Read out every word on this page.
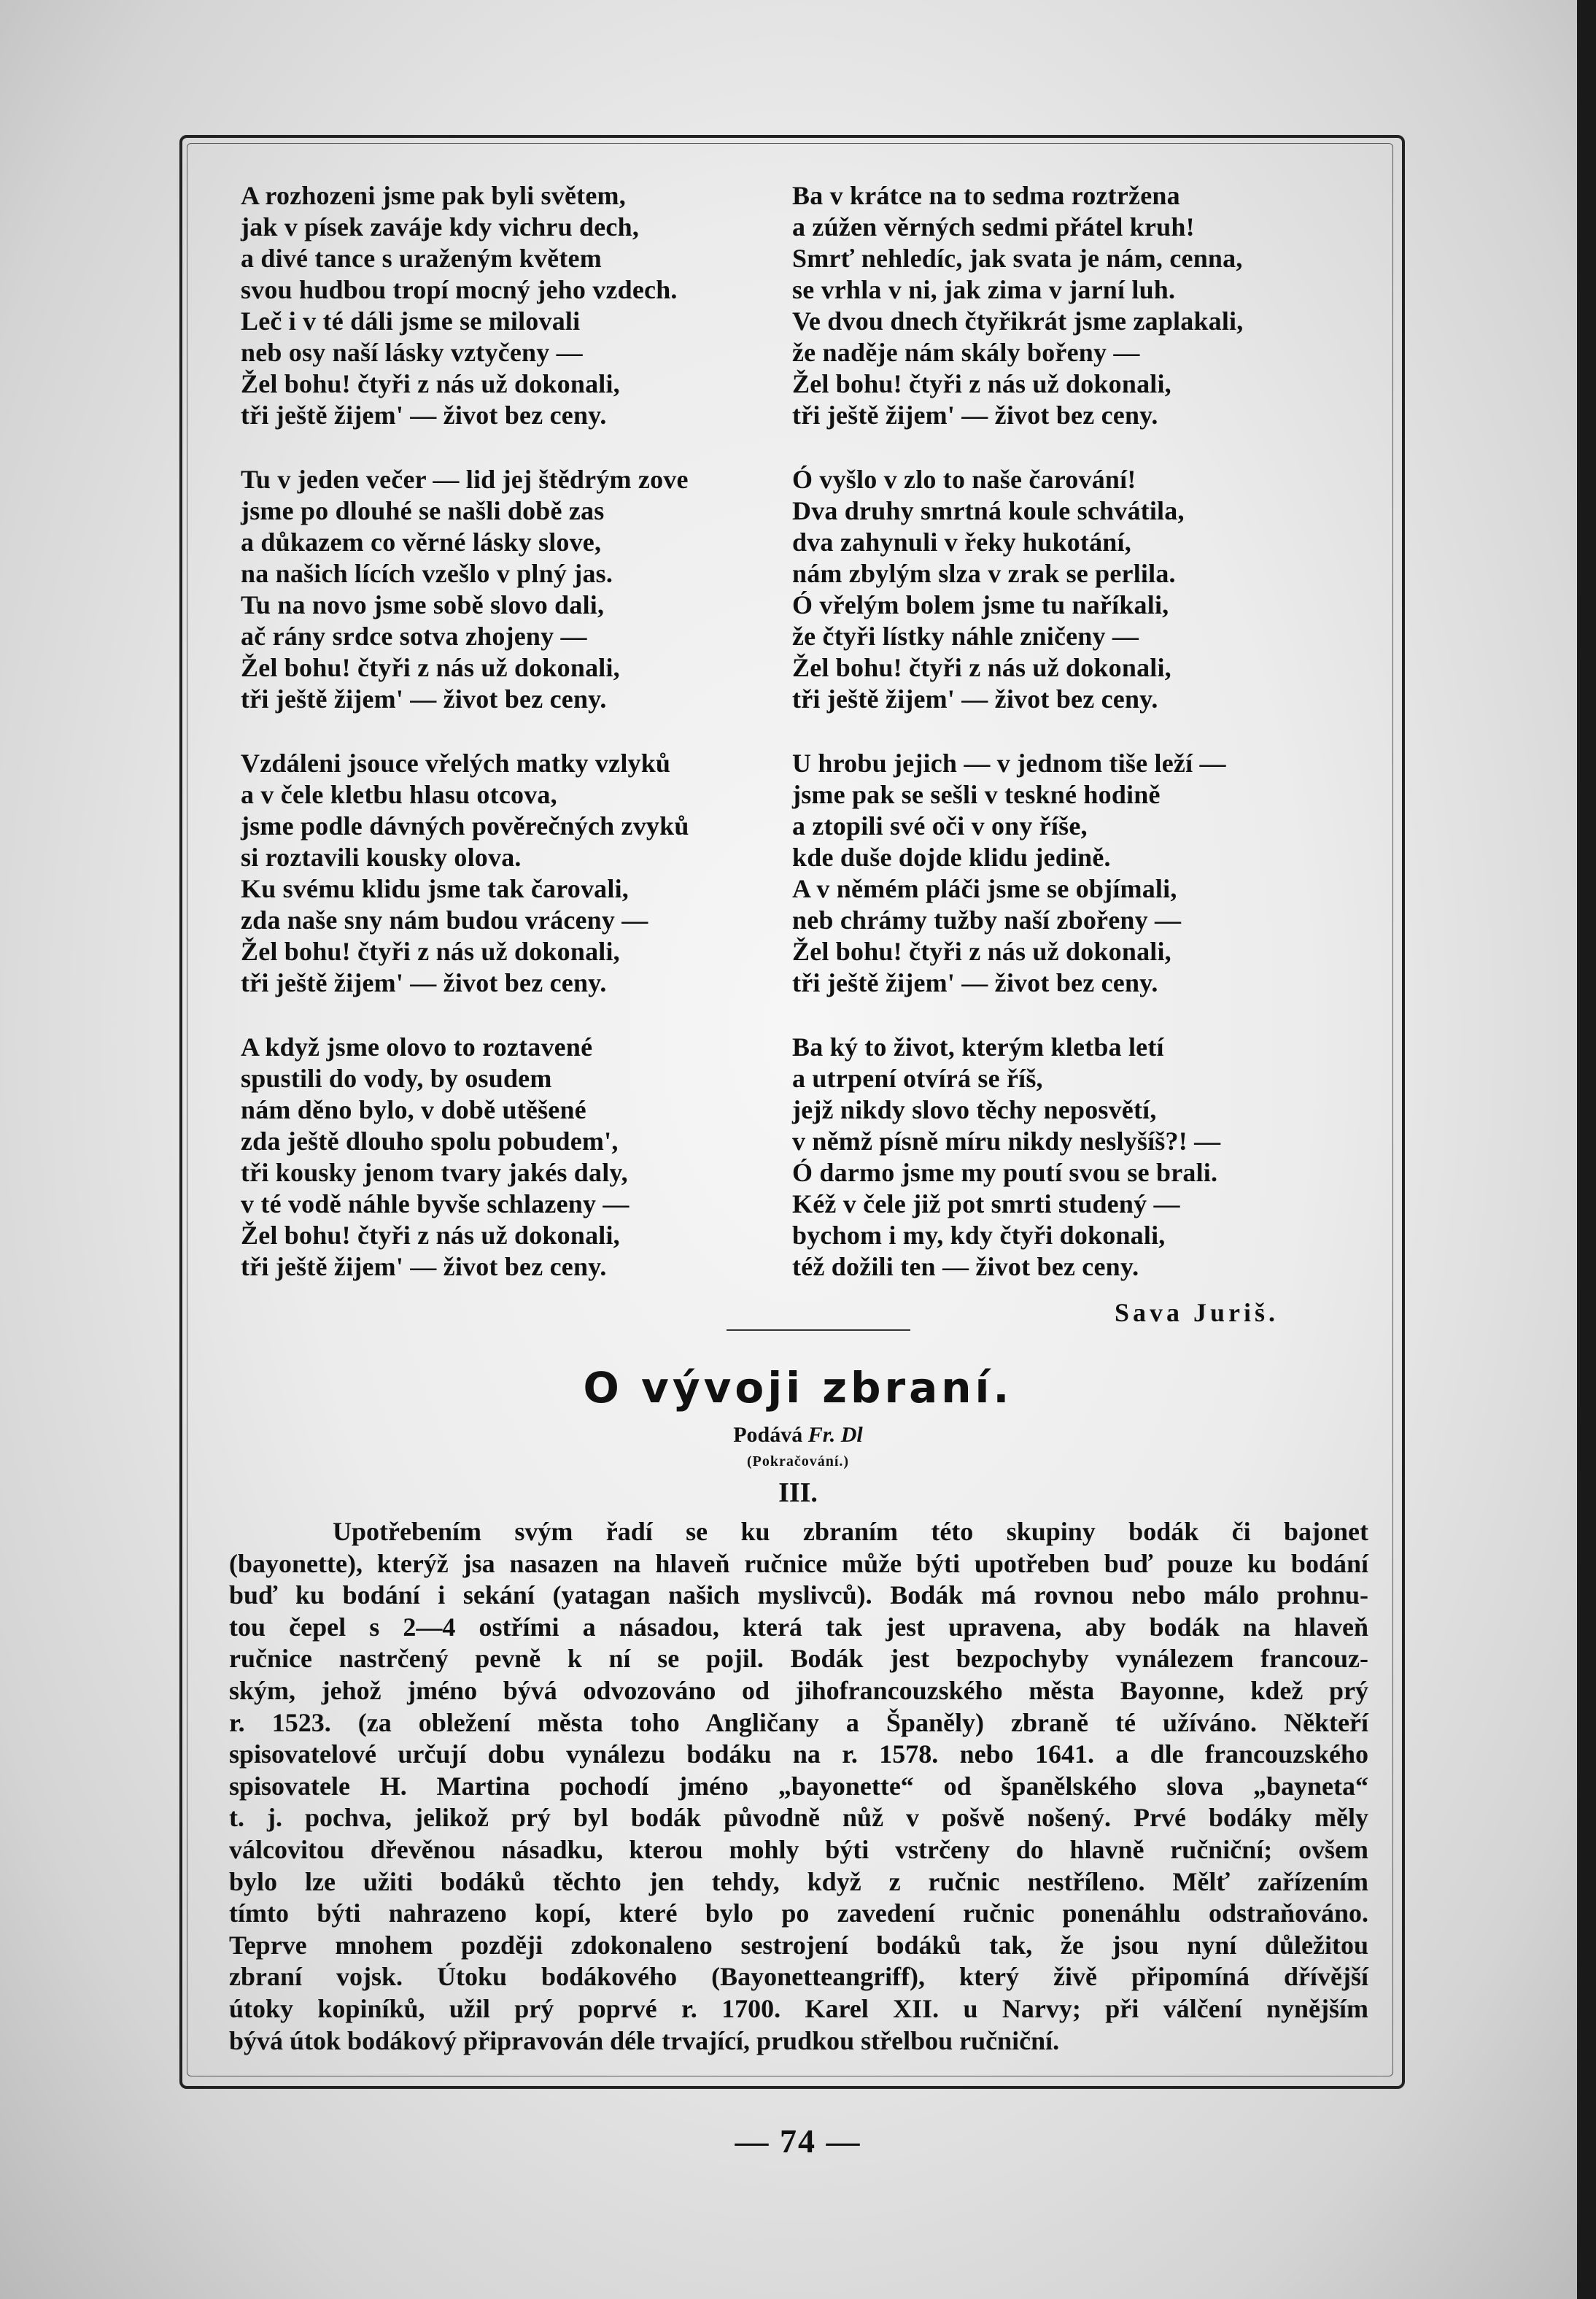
A rozhozeni jsme pak byli světem,
jak v písek zaváje kdy vichru dech,
a divé tance s uraženým květem
svou hudbou tropí mocný jeho vzdech.
Leč i v té dáli jsme se milovali
neb osy naší lásky vztyčeny —
Žel bohu! čtyři z nás už dokonali,
tři ještě žijem' — život bez ceny.
Tu v jeden večer — lid jej štědrým zove
jsme po dlouhé se našli době zas
a důkazem co věrné lásky slove,
na našich lících vzešlo v plný jas.
Tu na novo jsme sobě slovo dali,
ač rány srdce sotva zhojeny —
Žel bohu! čtyři z nás už dokonali,
tři ještě žijem' — život bez ceny.
Vzdáleni jsouce vřelých matky vzlyků
a v čele kletbu hlasu otcova,
jsme podle dávných pověrečných zvyků
si roztavili kousky olova.
Ku svému klidu jsme tak čarovali,
zda naše sny nám budou vráceny —
Žel bohu! čtyři z nás už dokonali,
tři ještě žijem' — život bez ceny.
A když jsme olovo to roztavené
spustili do vody, by osudem
nám děno bylo, v době utěšené
zda ještě dlouho spolu pobudem',
tři kousky jenom tvary jakés daly,
v té vodě náhle byvše schlazeny —
Žel bohu! čtyři z nás už dokonali,
tři ještě žijem' — život bez ceny.
Ba v krátce na to sedma roztržena
a zúžen věrných sedmi přátel kruh!
Smrť nehledíc, jak svata je nám, cenna,
se vrhla v ni, jak zima v jarní luh.
Ve dvou dnech čtyřikrát jsme zaplakali,
že naděje nám skály bořeny —
Žel bohu! čtyři z nás už dokonali,
tři ještě žijem' — život bez ceny.
Ó vyšlo v zlo to naše čarování!
Dva druhy smrtná koule schvátila,
dva zahynuli v řeky hukotání,
nám zbylým slza v zrak se perlila.
Ó vřelým bolem jsme tu naříkali,
že čtyři lístky náhle zničeny —
Žel bohu! čtyři z nás už dokonali,
tři ještě žijem' — život bez ceny.
U hrobu jejich — v jednom tiše leží —
jsme pak se sešli v teskné hodině
a ztopili své oči v ony říše,
kde duše dojde klidu jedině.
A v němém pláči jsme se objímali,
neb chrámy tužby naší zbořeny —
Žel bohu! čtyři z nás už dokonali,
tři ještě žijem' — život bez ceny.
Ba ký to život, kterým kletba letí
a utrpení otvírá se říš,
jejž nikdy slovo těchy neposvětí,
v němž písně míru nikdy neslyšíš?! —
Ó darmo jsme my poutí svou se brali.
Kéž v čele již pot smrti studený —
bychom i my, kdy čtyři dokonali,
též dožili ten — život bez ceny.
Sava Juriš.
O vývoji zbraní.
Podává Fr. Dl
(Pokračování.)
III.
Upotřebením svým řadí se ku zbraním této skupiny bodák či bajonet
(bayonette), kterýž jsa nasazen na hlaveň ručnice může býti upotřeben buď pouze ku bodání
buď ku bodání i sekání (yatagan našich myslivců). Bodák má rovnou nebo málo prohnu-
tou čepel s 2—4 ostřími a násadou, která tak jest upravena, aby bodák na hlaveň
ručnice nastrčený pevně k ní se pojil. Bodák jest bezpochyby vynálezem francouz-
ským, jehož jméno bývá odvozováno od jihofrancouzského města Bayonne, kdež prý
r. 1523. (za obležení města toho Angličany a Španěly) zbraně té užíváno. Někteří
spisovatelové určují dobu vynálezu bodáku na r. 1578. nebo 1641. a dle francouzského
spisovatele H. Martina pochodí jméno „bayonette“ od španělského slova „bayneta“
t. j. pochva, jelikož prý byl bodák původně nůž v pošvě nošený. Prvé bodáky měly
válcovitou dřevěnou násadku, kterou mohly býti vstrčeny do hlavně ručniční; ovšem
bylo lze užiti bodáků těchto jen tehdy, když z ručnic nestříleno. Mělť zařízením
tímto býti nahrazeno kopí, které bylo po zavedení ručnic ponenáhlu odstraňováno.
Teprve mnohem později zdokonaleno sestrojení bodáků tak, že jsou nyní důležitou
zbraní vojsk. Útoku bodákového (Bayonetteangriff), který živě připomíná dřívější
útoky kopiníků, užil prý poprvé r. 1700. Karel XII. u Narvy; při válčení nynějším
bývá útok bodákový připravován déle trvající, prudkou střelbou ručniční.
— 74 —
